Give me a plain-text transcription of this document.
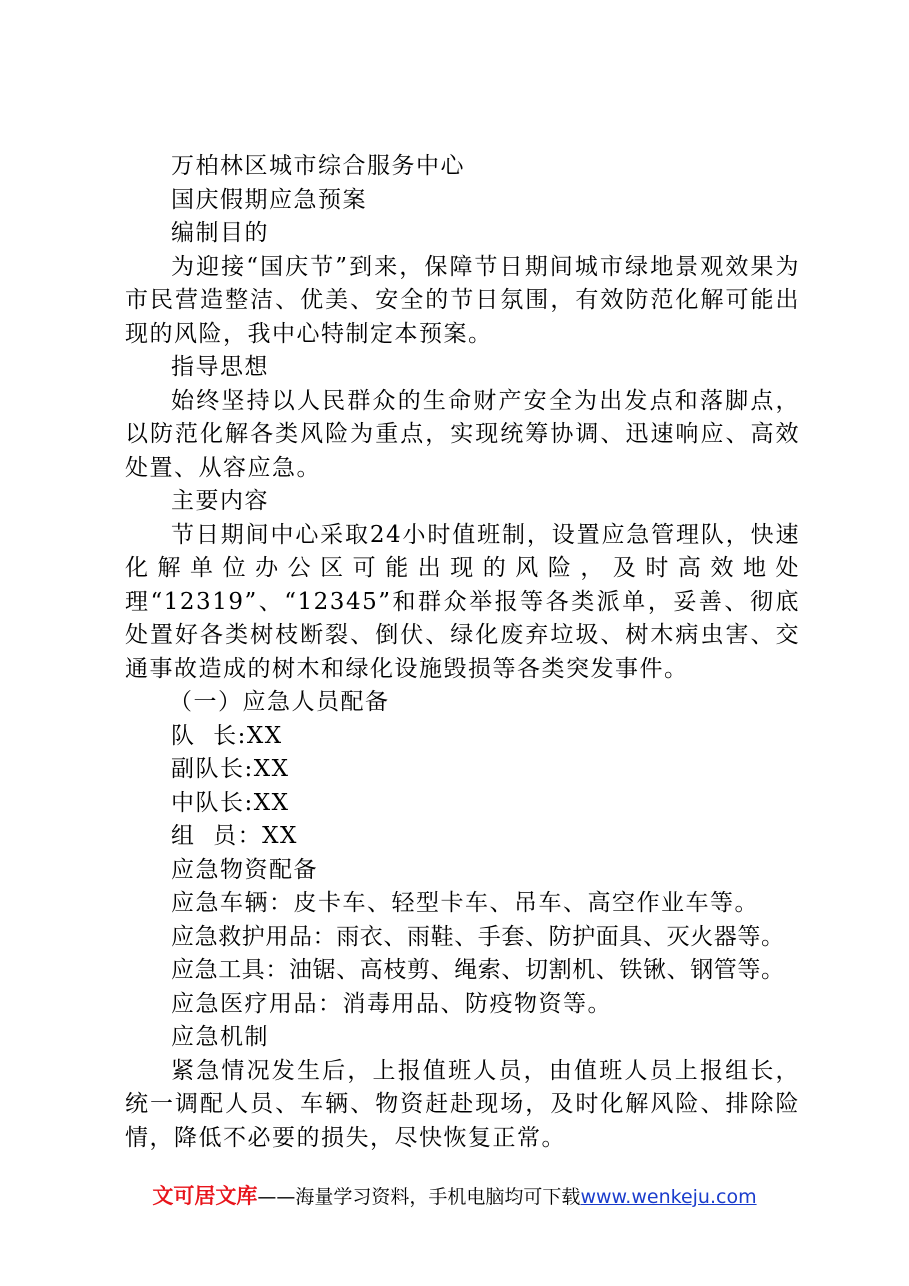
万柏林区城市综合服务中心
国庆假期应急预案
编制目的

为迎接“国庆节”到来，保障节日期间城市绿地景观效果为市民营造整洁、优美、安全的节日氛围，有效防范化解可能出现的风险，我中心特制定本预案。

指导思想

始终坚持以人民群众的生命财产安全为出发点和落脚点，以防范化解各类风险为重点，实现统筹协调、迅速响应、高效处置、从容应急。

主要内容

节日期间中心采取24小时值班制，设置应急管理队，快速化解单位办公区可能出现的风险，及时高效地处理“12319”、“12345”和群众举报等各类派单，妥善、彻底处置好各类树枝断裂、倒伏、绿化废弃垃圾、树木病虫害、交通事故造成的树木和绿化设施毁损等各类突发事件。

（一）应急人员配备
队  长:XX
副队长:XX
中队长:XX
组  员：XX
应急物资配备
应急车辆：皮卡车、轻型卡车、吊车、高空作业车等。
应急救护用品：雨衣、雨鞋、手套、防护面具、灭火器等。
应急工具：油锯、高枝剪、绳索、切割机、铁锹、钢管等。
应急医疗用品：消毒用品、防疫物资等。
应急机制

紧急情况发生后，上报值班人员，由值班人员上报组长，统一调配人员、车辆、物资赶赴现场，及时化解风险、排除险情，降低不必要的损失，尽快恢复正常。

文可居文库——海量学习资料，手机电脑均可下载www.wenkeju.com
